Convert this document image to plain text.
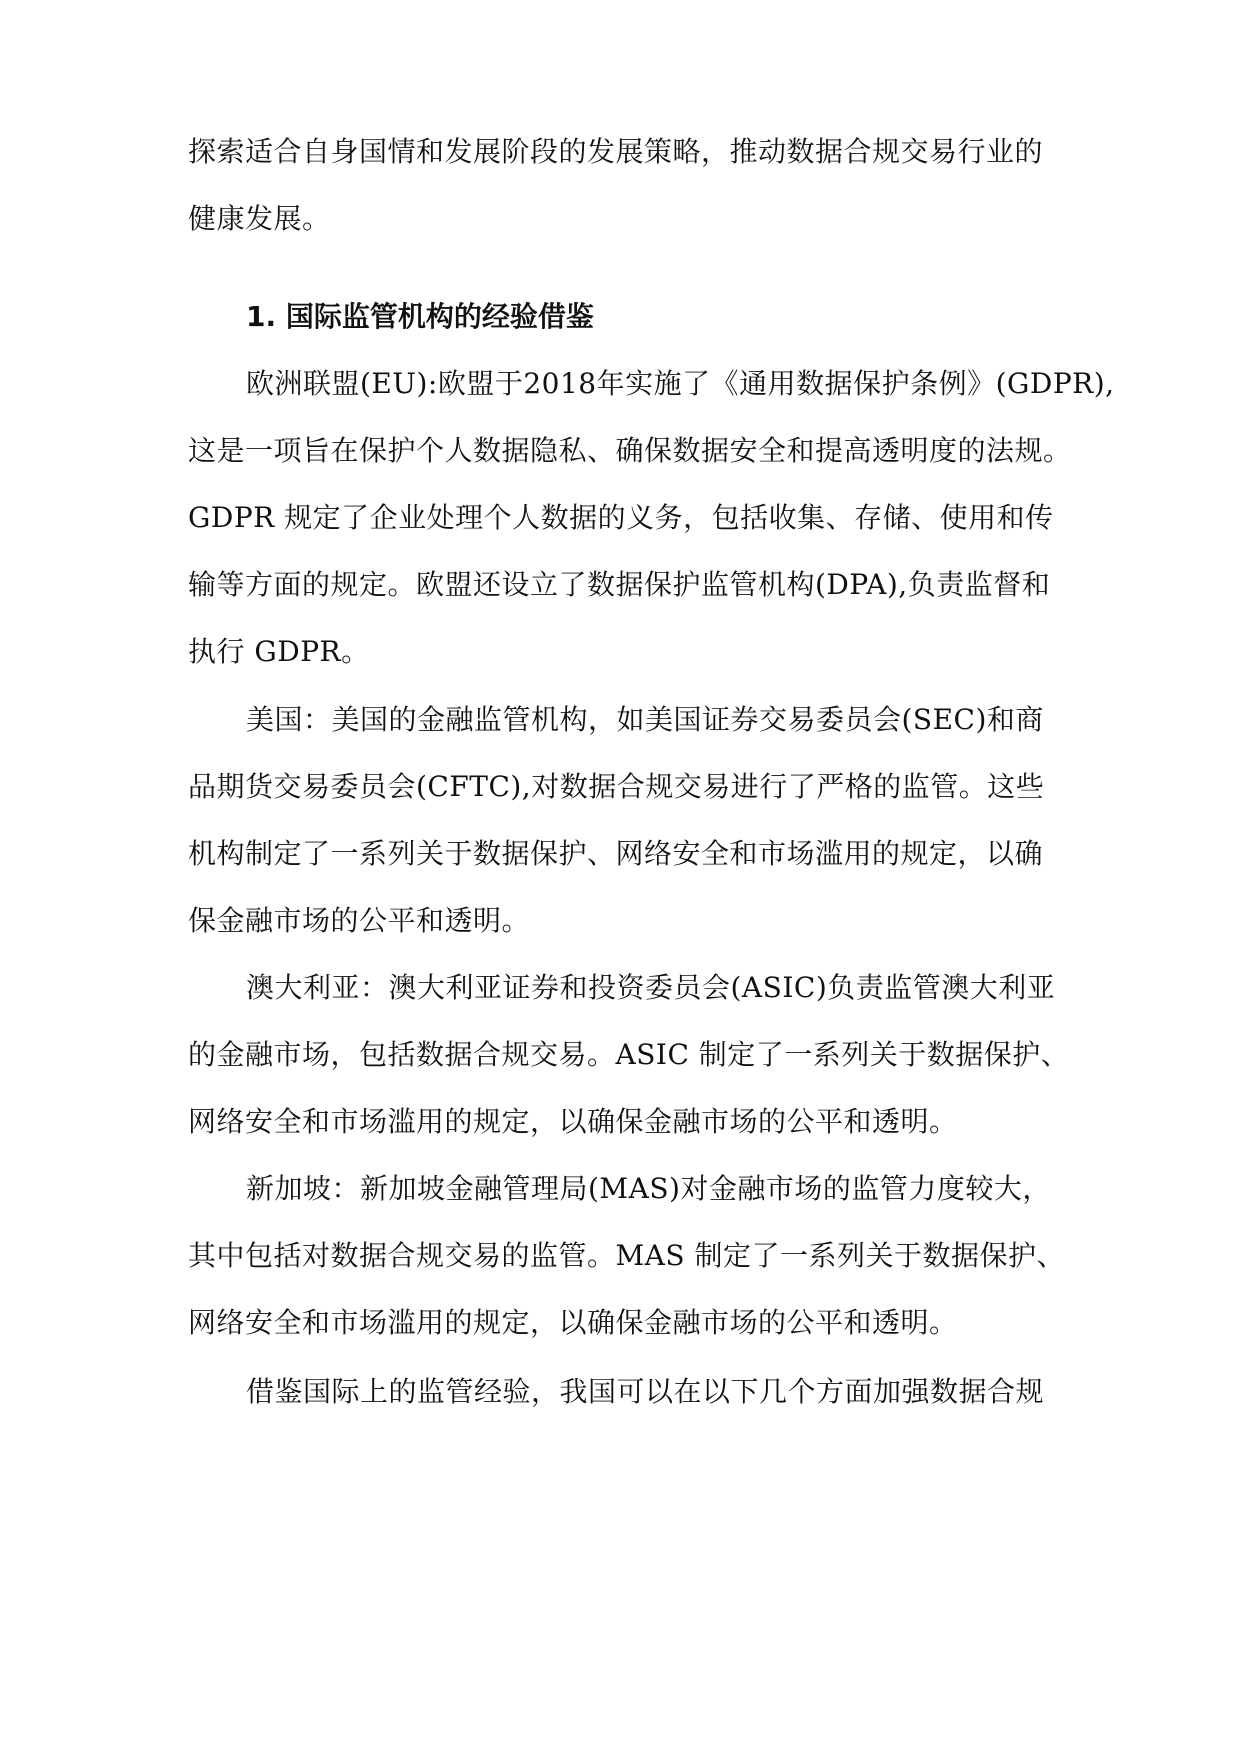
探索适合自身国情和发展阶段的发展策略，推动数据合规交易行业的
健康发展。
1. 国际监管机构的经验借鉴
欧洲联盟(EU):欧盟于2018年实施了《通用数据保护条例》(GDPR),
这是一项旨在保护个人数据隐私、确保数据安全和提高透明度的法规。
GDPR 规定了企业处理个人数据的义务，包括收集、存储、使用和传
输等方面的规定。欧盟还设立了数据保护监管机构(DPA),负责监督和
执行 GDPR。
美国：美国的金融监管机构，如美国证券交易委员会(SEC)和商
品期货交易委员会(CFTC),对数据合规交易进行了严格的监管。这些
机构制定了一系列关于数据保护、网络安全和市场滥用的规定，以确
保金融市场的公平和透明。
澳大利亚：澳大利亚证券和投资委员会(ASIC)负责监管澳大利亚
的金融市场，包括数据合规交易。ASIC 制定了一系列关于数据保护、
网络安全和市场滥用的规定，以确保金融市场的公平和透明。
新加坡：新加坡金融管理局(MAS)对金融市场的监管力度较大，
其中包括对数据合规交易的监管。MAS 制定了一系列关于数据保护、
网络安全和市场滥用的规定，以确保金融市场的公平和透明。
借鉴国际上的监管经验，我国可以在以下几个方面加强数据合规
